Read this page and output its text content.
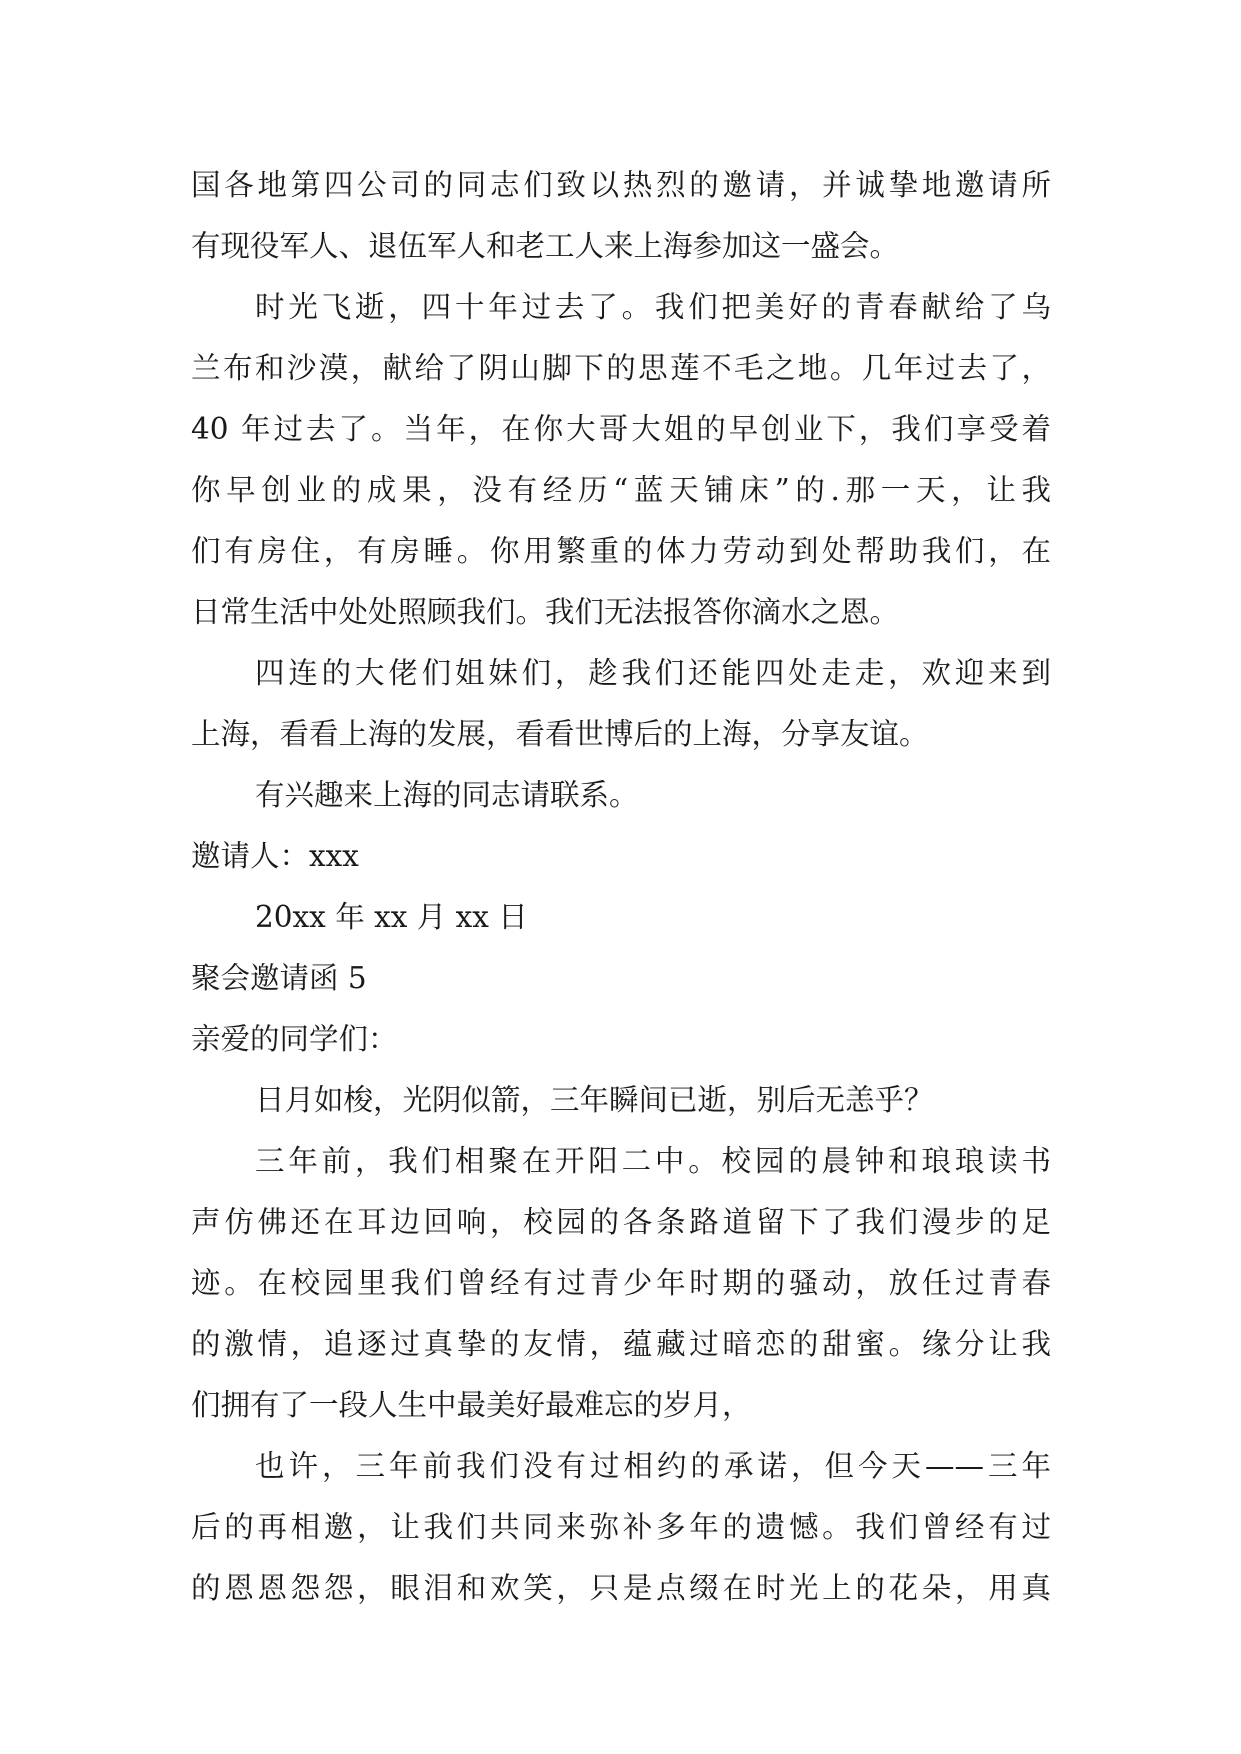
国各地第四公司的同志们致以热烈的邀请，并诚挚地邀请所
有现役军人、退伍军人和老工人来上海参加这一盛会。
时光飞逝，四十年过去了。我们把美好的青春献给了乌
兰布和沙漠，献给了阴山脚下的思莲不毛之地。几年过去了，
40 年过去了。当年，在你大哥大姐的早创业下，我们享受着
你早创业的成果，没有经历“蓝天铺床”的.那一天，让我
们有房住，有房睡。你用繁重的体力劳动到处帮助我们，在
日常生活中处处照顾我们。我们无法报答你滴水之恩。
四连的大佬们姐妹们，趁我们还能四处走走，欢迎来到
上海，看看上海的发展，看看世博后的上海，分享友谊。
有兴趣来上海的同志请联系。
邀请人：xxx
20xx 年 xx 月 xx 日
聚会邀请函 5
亲爱的同学们：
日月如梭，光阴似箭，三年瞬间已逝，别后无恙乎？
三年前，我们相聚在开阳二中。校园的晨钟和琅琅读书
声仿佛还在耳边回响，校园的各条路道留下了我们漫步的足
迹。在校园里我们曾经有过青少年时期的骚动，放任过青春
的激情，追逐过真挚的友情，蕴藏过暗恋的甜蜜。缘分让我
们拥有了一段人生中最美好最难忘的岁月，
也许，三年前我们没有过相约的承诺，但今天——三年
后的再相邀，让我们共同来弥补多年的遗憾。我们曾经有过
的恩恩怨怨，眼泪和欢笑，只是点缀在时光上的花朵，用真
